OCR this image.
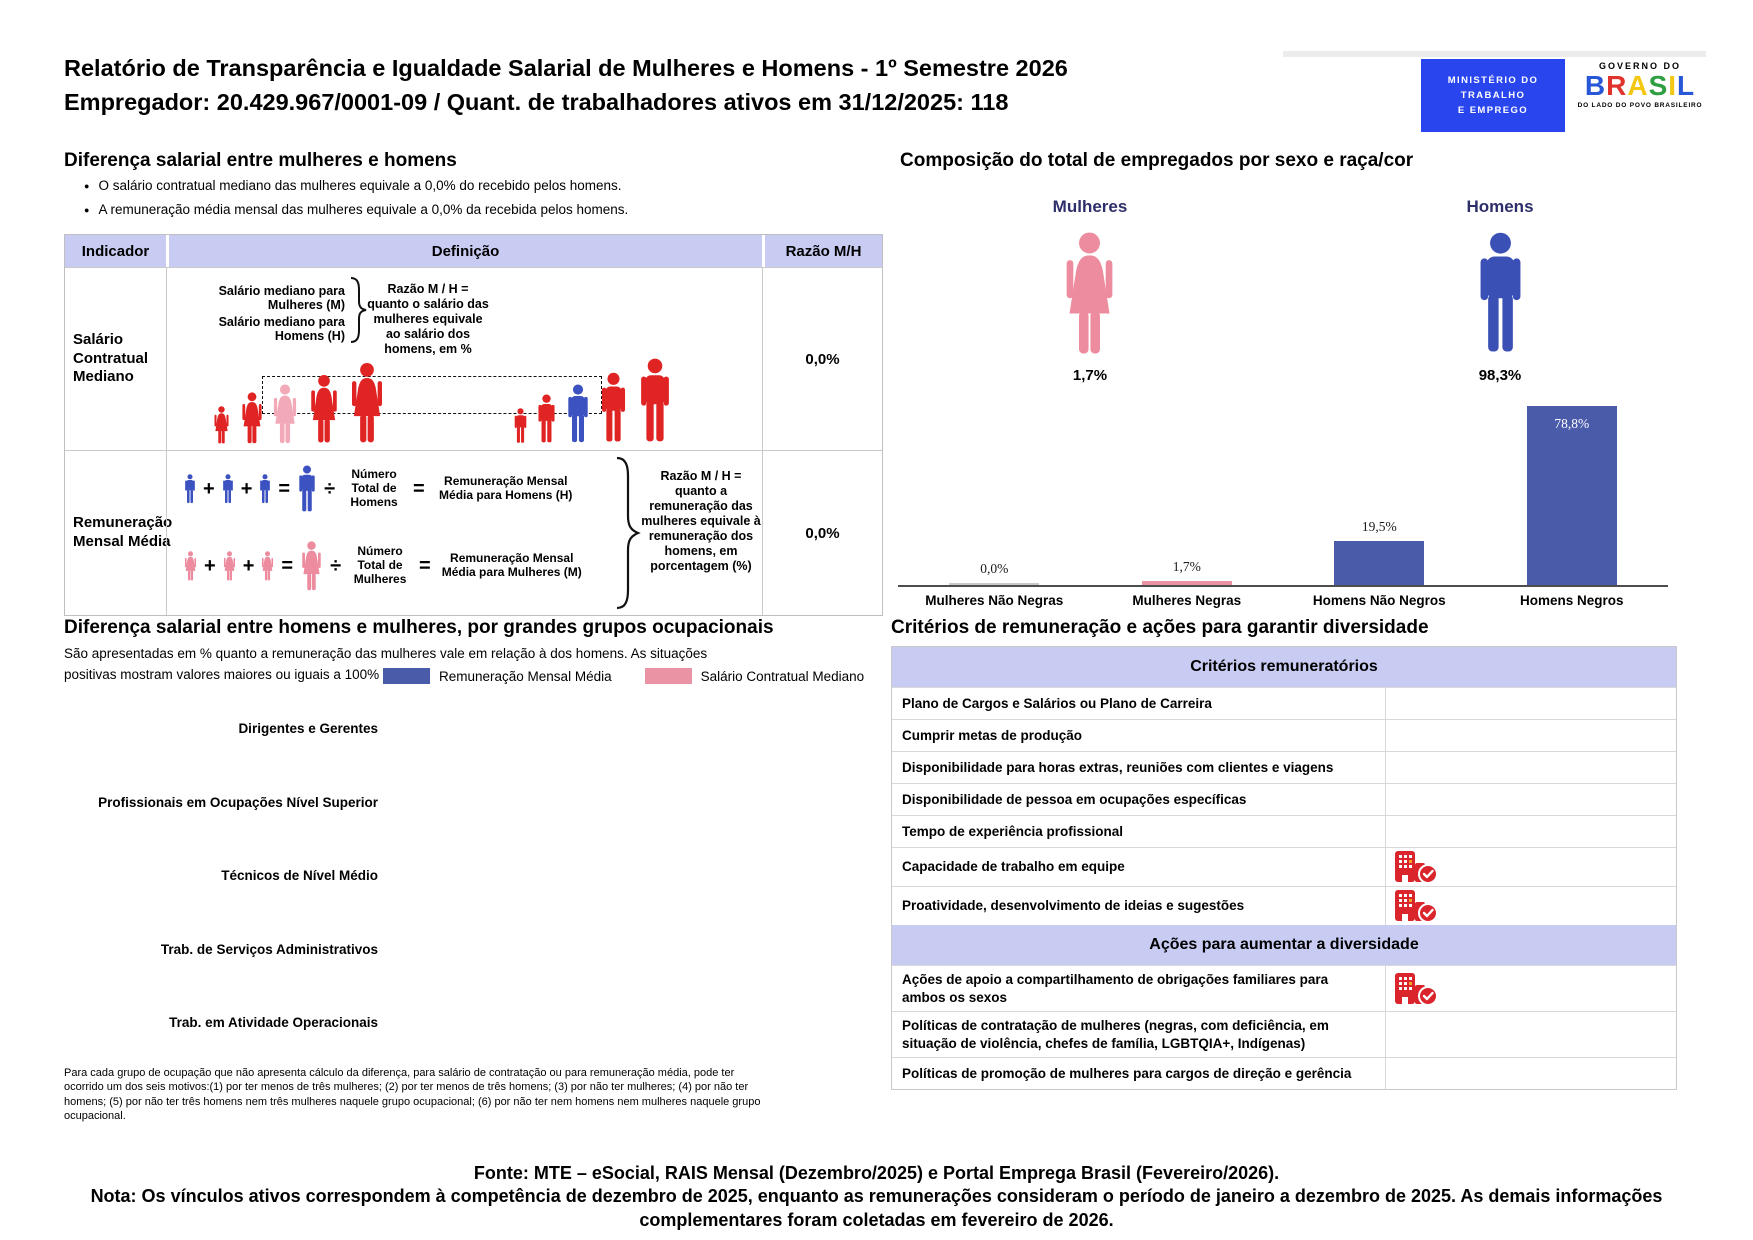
Relatório de Transparência e Igualdade Salarial de Mulheres e Homens - 1º Semestre 2026
Empregador: 20.429.967/0001-09 / Quant. de trabalhadores ativos em 31/12/2025: 118
MINISTÉRIO DO
TRABALHO
E EMPREGO
GOVERNO DO
BRASIL
DO LADO DO POVO BRASILEIRO
Diferença salarial entre mulheres e homens
● O salário contratual mediano das mulheres equivale a 0,0% do recebido pelos homens.
● A remuneração média mensal das mulheres equivale a 0,0% da recebida pelos homens.
Indicador	Definição	Razão M/H
Salário Contratual Mediano
Salário mediano para Mulheres (M)
Salário mediano para Homens (H)
Razão M / H = quanto o salário das mulheres equivale ao salário dos homens, em %
0,0%
Remuneração Mensal Média
+ + = ÷
Número Total de Homens
=	Remuneração Mensal Média para Homens (H)
+ + = ÷
Número Total de Mulheres
=	Remuneração Mensal Média para Mulheres (M)
Razão M / H = quanto a remuneração das mulheres equivale à remuneração dos homens, em porcentagem (%)
0,0%
Diferença salarial entre homens e mulheres, por grandes grupos ocupacionais
São apresentadas em % quanto a remuneração das mulheres vale em relação à dos homens. As situações positivas mostram valores maiores ou iguais a 100%	Remuneração Mensal Média	Salário Contratual Mediano
Dirigentes e Gerentes
Profissionais em Ocupações Nível Superior
Técnicos de Nível Médio
Trab. de Serviços Administrativos
Trab. em Atividade Operacionais
Para cada grupo de ocupação que não apresenta cálculo da diferença, para salário de contratação ou para remuneração média, pode ter ocorrido um dos seis motivos:(1) por ter menos de três mulheres; (2) por ter menos de três homens; (3) por não ter mulheres; (4) por não ter homens; (5) por não ter três homens nem três mulheres naquele grupo ocupacional; (6) por não ter nem homens nem mulheres naquele grupo ocupacional.
Composição do total de empregados por sexo e raça/cor
Mulheres	Homens
1,7%	98,3%
0,0%	1,7%
19,5%
78,8%
Mulheres Não Negras	Mulheres Negras	Homens Não Negros	Homens Negros
Critérios de remuneração e ações para garantir diversidade
Critérios remuneratórios
Plano de Cargos e Salários ou Plano de Carreira
Cumprir metas de produção
Disponibilidade para horas extras, reuniões com clientes e viagens
Disponibilidade de pessoa em ocupações específicas
Tempo de experiência profissional
Capacidade de trabalho em equipe
Proatividade, desenvolvimento de ideias e sugestões
Ações para aumentar a diversidade
Ações de apoio a compartilhamento de obrigações familiares para ambos os sexos
Políticas de contratação de mulheres (negras, com deficiência, em situação de violência, chefes de família, LGBTQIA+, Indígenas)
Políticas de promoção de mulheres para cargos de direção e gerência
Fonte: MTE – eSocial, RAIS Mensal (Dezembro/2025) e Portal Emprega Brasil (Fevereiro/2026).
Nota: Os vínculos ativos correspondem à competência de dezembro de 2025, enquanto as remunerações consideram o período de janeiro a dezembro de 2025. As demais informações complementares foram coletadas em fevereiro de 2026.
